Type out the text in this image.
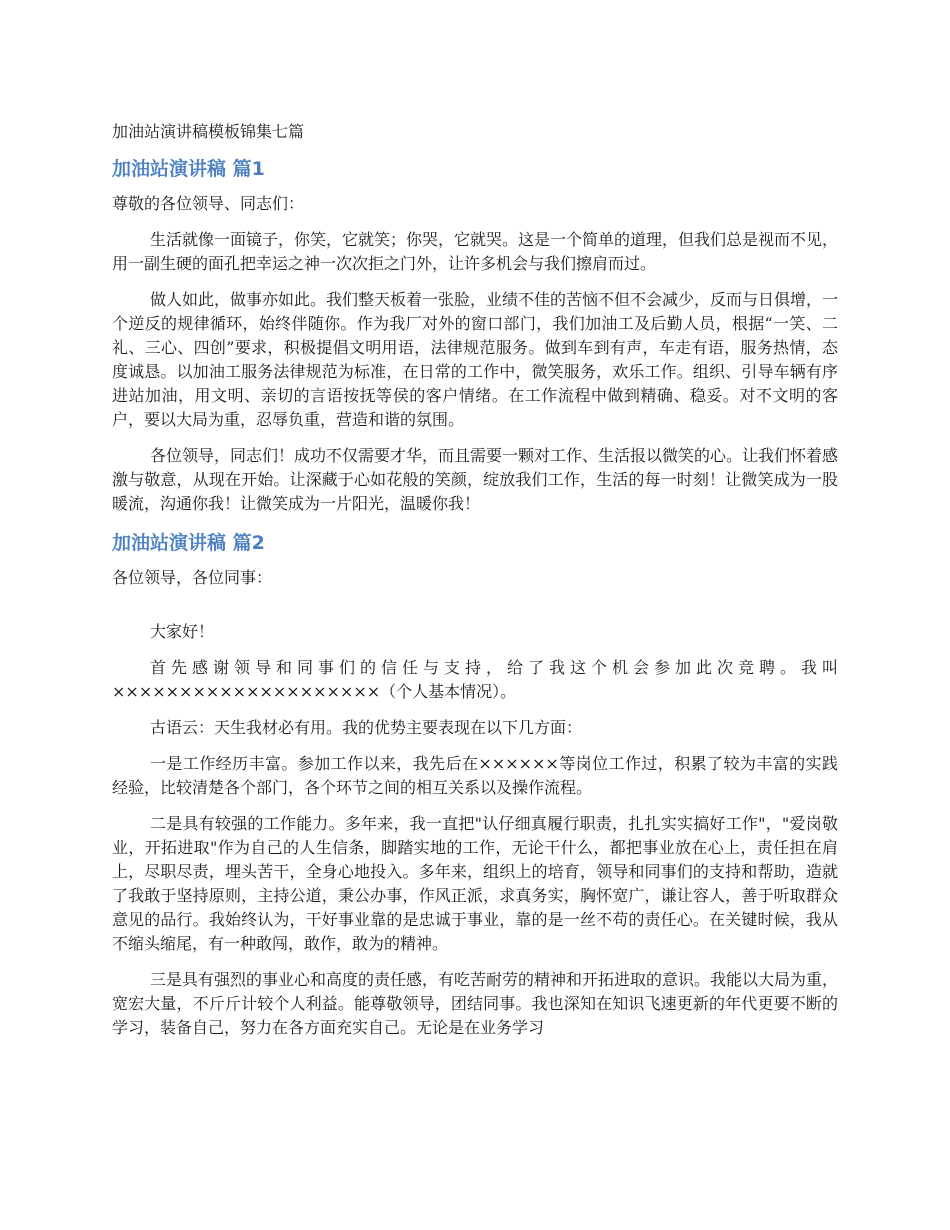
加油站演讲稿模板锦集七篇
加油站演讲稿 篇1

尊敬的各位领导、同志们：

生活就像一面镜子，你笑，它就笑；你哭，它就哭。这是一个简单的道理，但我们总是视而不见，用一副生硬的面孔把幸运之神一次次拒之门外，让许多机会与我们擦肩而过。

做人如此，做事亦如此。我们整天板着一张脸，业绩不佳的苦恼不但不会减少，反而与日俱增，一个逆反的规律循环，始终伴随你。作为我厂对外的窗口部门，我们加油工及后勤人员，根据“一笑、二礼、三心、四创”要求，积极提倡文明用语，法律规范服务。做到车到有声，车走有语，服务热情，态度诚恳。以加油工服务法律规范为标准，在日常的工作中，微笑服务，欢乐工作。组织、引导车辆有序进站加油，用文明、亲切的言语按抚等侯的客户情绪。在工作流程中做到精确、稳妥。对不文明的客户，要以大局为重，忍辱负重，营造和谐的氛围。

各位领导，同志们！成功不仅需要才华，而且需要一颗对工作、生活报以微笑的心。让我们怀着感激与敬意，从现在开始。让深藏于心如花般的笑颜，绽放我们工作，生活的每一时刻！让微笑成为一股暖流，沟通你我！让微笑成为一片阳光，温暖你我！

加油站演讲稿 篇2

各位领导，各位同事：

大家好！

首先感谢领导和同事们的信任与支持，给了我这个机会参加此次竞聘。我叫××××××××××××××××××××（个人基本情况）。

古语云：天生我材必有用。我的优势主要表现在以下几方面：

一是工作经历丰富。参加工作以来，我先后在××××××等岗位工作过，积累了较为丰富的实践经验，比较清楚各个部门，各个环节之间的相互关系以及操作流程。

二是具有较强的工作能力。多年来，我一直把"认仔细真履行职责，扎扎实实搞好工作"，"爱岗敬业，开拓进取"作为自己的人生信条，脚踏实地的工作，无论干什么，都把事业放在心上，责任担在肩上，尽职尽责，埋头苦干，全身心地投入。多年来，组织上的培育，领导和同事们的支持和帮助，造就了我敢于坚持原则，主持公道，秉公办事，作风正派，求真务实，胸怀宽广，谦让容人，善于听取群众意见的品行。我始终认为，干好事业靠的是忠诚于事业，靠的是一丝不苟的责任心。在关键时候，我从不缩头缩尾，有一种敢闯，敢作，敢为的精神。

三是具有强烈的事业心和高度的责任感，有吃苦耐劳的精神和开拓进取的意识。我能以大局为重，宽宏大量，不斤斤计较个人利益。能尊敬领导，团结同事。我也深知在知识飞速更新的年代更要不断的学习，装备自己，努力在各方面充实自己。无论是在业务学习
